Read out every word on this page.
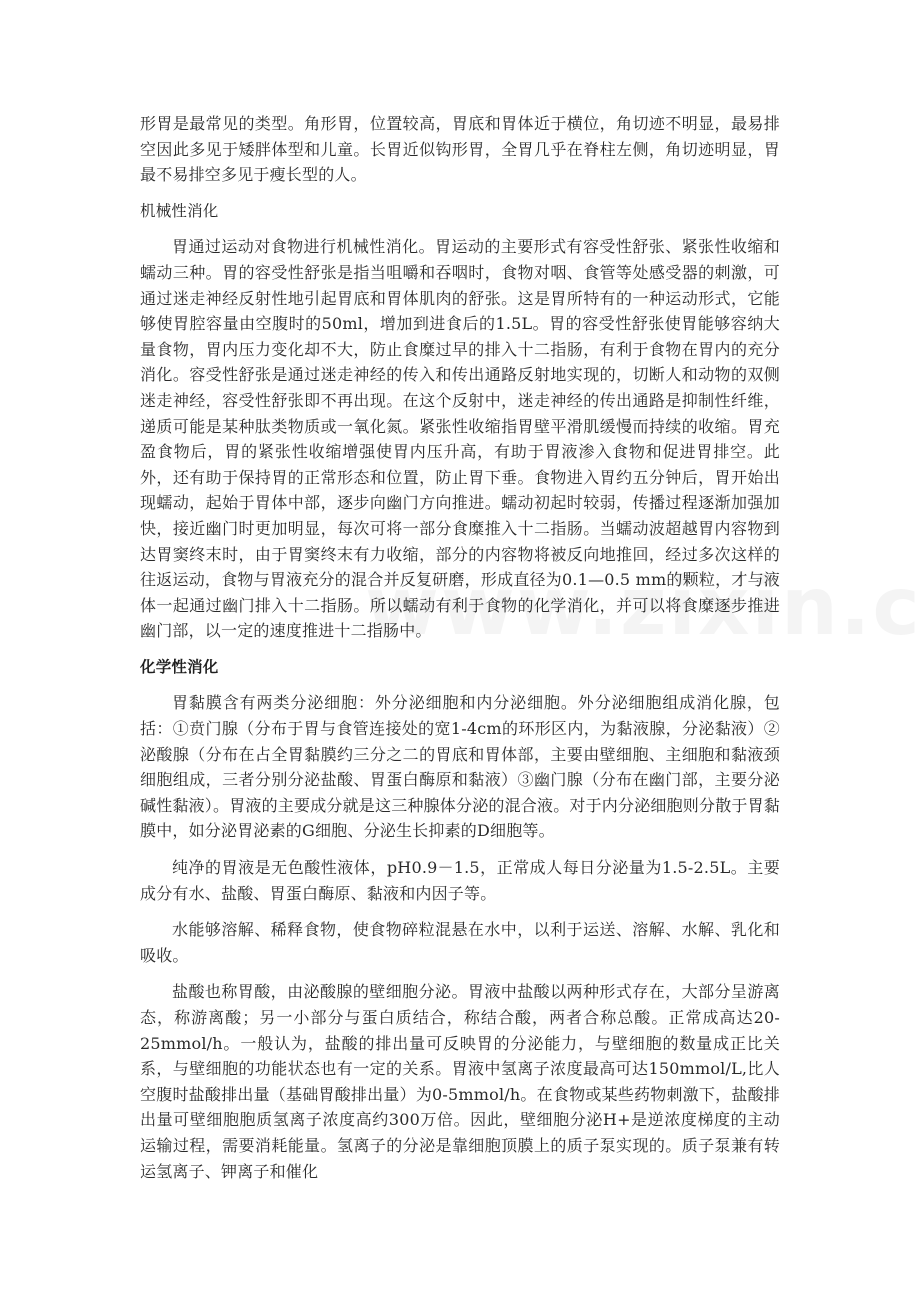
形胃是最常见的类型。角形胃，位置较高，胃底和胃体近于横位，角切迹不明显，最易排空因此多见于矮胖体型和儿童。长胃近似钩形胃，全胃几乎在脊柱左侧，角切迹明显，胃最不易排空多见于瘦长型的人。

机械性消化

胃通过运动对食物进行机械性消化。胃运动的主要形式有容受性舒张、紧张性收缩和蠕动三种。胃的容受性舒张是指当咀嚼和吞咽时，食物对咽、食管等处感受器的刺激，可通过迷走神经反射性地引起胃底和胃体肌肉的舒张。这是胃所特有的一种运动形式，它能够使胃腔容量由空腹时的50ml，增加到进食后的1.5L。胃的容受性舒张使胃能够容纳大量食物，胃内压力变化却不大，防止食糜过早的排入十二指肠，有利于食物在胃内的充分消化。容受性舒张是通过迷走神经的传入和传出通路反射地实现的，切断人和动物的双侧迷走神经，容受性舒张即不再出现。在这个反射中，迷走神经的传出通路是抑制性纤维，递质可能是某种肽类物质或一氧化氮。紧张性收缩指胃壁平滑肌缓慢而持续的收缩。胃充盈食物后，胃的紧张性收缩增强使胃内压升高，有助于胃液渗入食物和促进胃排空。此外，还有助于保持胃的正常形态和位置，防止胃下垂。食物进入胃约五分钟后，胃开始出现蠕动，起始于胃体中部，逐步向幽门方向推进。蠕动初起时较弱，传播过程逐渐加强加快，接近幽门时更加明显，每次可将一部分食糜推入十二指肠。当蠕动波超越胃内容物到达胃窦终末时，由于胃窦终末有力收缩，部分的内容物将被反向地推回，经过多次这样的往返运动，食物与胃液充分的混合并反复研磨，形成直径为0.1—0.5 mm的颗粒，才与液体一起通过幽门排入十二指肠。所以蠕动有利于食物的化学消化，并可以将食糜逐步推进幽门部，以一定的速度推进十二指肠中。

化学性消化

胃黏膜含有两类分泌细胞：外分泌细胞和内分泌细胞。外分泌细胞组成消化腺，包括：①贲门腺（分布于胃与食管连接处的宽1-4cm的环形区内，为黏液腺，分泌黏液）②泌酸腺（分布在占全胃黏膜约三分之二的胃底和胃体部，主要由壁细胞、主细胞和黏液颈细胞组成，三者分别分泌盐酸、胃蛋白酶原和黏液）③幽门腺（分布在幽门部，主要分泌碱性黏液）。胃液的主要成分就是这三种腺体分泌的混合液。对于内分泌细胞则分散于胃黏膜中，如分泌胃泌素的G细胞、分泌生长抑素的D细胞等。

纯净的胃液是无色酸性液体，pH0.9－1.5，正常成人每日分泌量为1.5-2.5L。主要成分有水、盐酸、胃蛋白酶原、黏液和内因子等。

水能够溶解、稀释食物，使食物碎粒混悬在水中，以利于运送、溶解、水解、乳化和吸收。

盐酸也称胃酸，由泌酸腺的壁细胞分泌。胃液中盐酸以两种形式存在，大部分呈游离态，称游离酸；另一小部分与蛋白质结合，称结合酸，两者合称总酸。正常成高达20-25mmol/h。一般认为，盐酸的排出量可反映胃的分泌能力，与壁细胞的数量成正比关系，与壁细胞的功能状态也有一定的关系。胃液中氢离子浓度最高可达150mmol/L,比人空腹时盐酸排出量（基础胃酸排出量）为0-5mmol/h。在食物或某些药物刺激下，盐酸排出量可壁细胞胞质氢离子浓度高约300万倍。因此，壁细胞分泌H+是逆浓度梯度的主动运输过程，需要消耗能量。氢离子的分泌是靠细胞顶膜上的质子泵实现的。质子泵兼有转运氢离子、钾离子和催化
